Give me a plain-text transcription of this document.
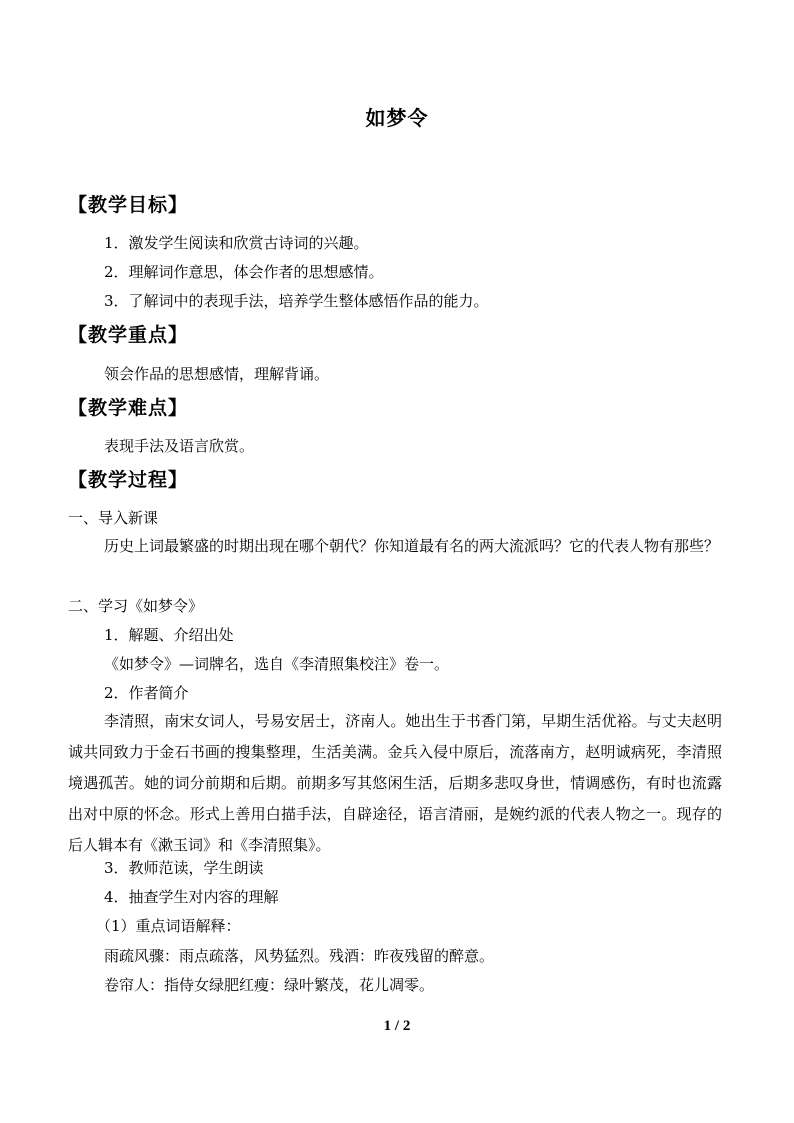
如梦令
【教学目标】
1．激发学生阅读和欣赏古诗词的兴趣。
2．理解词作意思，体会作者的思想感情。
3．了解词中的表现手法，培养学生整体感悟作品的能力。
【教学重点】
领会作品的思想感情，理解背诵。
【教学难点】
表现手法及语言欣赏。
【教学过程】
一、导入新课
历史上词最繁盛的时期出现在哪个朝代？你知道最有名的两大流派吗？它的代表人物有那些？
二、学习《如梦令》
1．解题、介绍出处
《如梦令》—词牌名，选自《李清照集校注》卷一。
2．作者简介
李清照，南宋女词人，号易安居士，济南人。她出生于书香门第，早期生活优裕。与丈夫赵明诚共同致力于金石书画的搜集整理，生活美满。金兵入侵中原后，流落南方，赵明诚病死，李清照境遇孤苦。她的词分前期和后期。前期多写其悠闲生活，后期多悲叹身世，情调感伤，有时也流露出对中原的怀念。形式上善用白描手法，自辟途径，语言清丽，是婉约派的代表人物之一。现存的后人辑本有《漱玉词》和《李清照集》。
3．教师范读，学生朗读
4．抽查学生对内容的理解
（1）重点词语解释：
雨疏风骤：雨点疏落，风势猛烈。残酒：昨夜残留的醉意。
卷帘人：指侍女绿肥红瘦：绿叶繁茂，花儿凋零。
1 / 2
